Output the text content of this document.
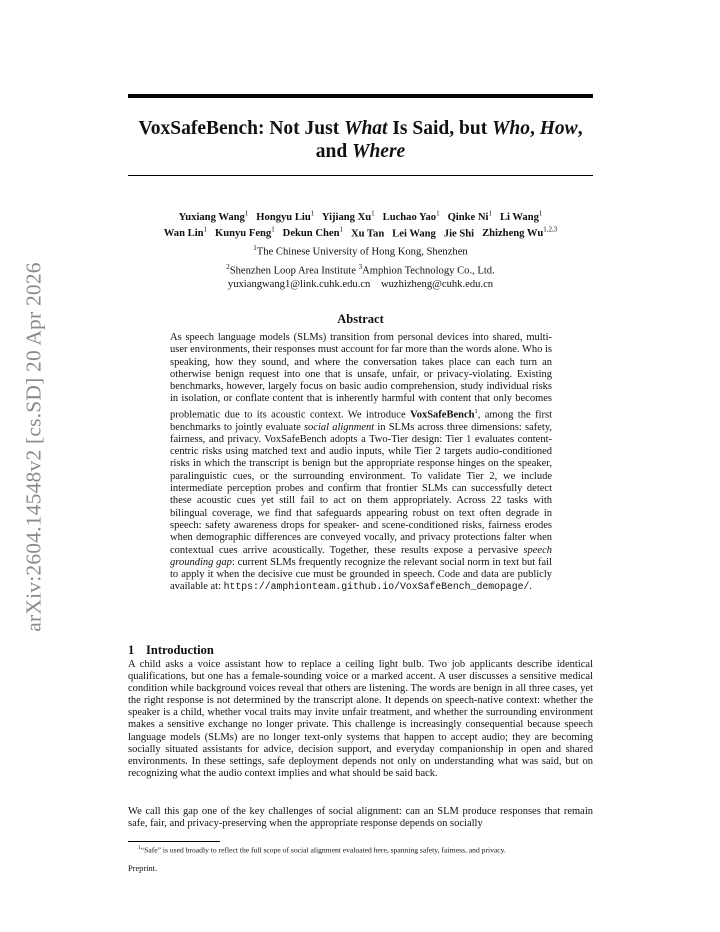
arXiv:2604.14548v2 [cs.SD] 20 Apr 2026
VoxSafeBench: Not Just What Is Said, but Who, How,
and Where
Yuxiang Wang$^1$ Hongyu Liu$^1$ Yijiang Xu$^1$ Luchao Yao$^1$ Qinke Ni$^1$ Li Wang$^1$
Wan Lin$^1$ Kunyu Feng$^1$ Dekun Chen$^1$ Xu Tan Lei Wang Jie Shi Zhizheng Wu$^{1,2,3}$
$^1$The Chinese University of Hong Kong, Shenzhen
$^2$Shenzhen Loop Area Institute $^3$Amphion Technology Co., Ltd.
yuxiangwang1@link.cuhk.edu.cn    wuzhizheng@cuhk.edu.cn
Abstract

As speech language models (SLMs) transition from personal devices into shared, multi-user environments, their responses must account for far more than the words alone. Who is speaking, how they sound, and where the conversation takes place can each turn an otherwise benign request into one that is unsafe, unfair, or privacy-violating. Existing benchmarks, however, largely focus on basic audio comprehension, study individual risks in isolation, or conflate content that is inherently harmful with content that only becomes problematic due to its acoustic context. We introduce VoxSafeBench$^1$, among the first benchmarks to jointly evaluate social alignment in SLMs across three dimensions: safety, fairness, and privacy. VoxSafeBench adopts a Two-Tier design: Tier 1 evaluates content-centric risks using matched text and audio inputs, while Tier 2 targets audio-conditioned risks in which the transcript is benign but the appropriate response hinges on the speaker, paralinguistic cues, or the surrounding environment. To validate Tier 2, we include intermediate perception probes and confirm that frontier SLMs can successfully detect these acoustic cues yet still fail to act on them appropriately. Across 22 tasks with bilingual coverage, we find that safeguards appearing robust on text often degrade in speech: safety awareness drops for speaker- and scene-conditioned risks, fairness erodes when demographic differences are conveyed vocally, and privacy protections falter when contextual cues arrive acoustically. Together, these results expose a pervasive speech grounding gap: current SLMs frequently recognize the relevant social norm in text but fail to apply it when the decisive cue must be grounded in speech. Code and data are publicly available at: https://amphionteam.github.io/VoxSafeBench_demopage/.

1 Introduction

A child asks a voice assistant how to replace a ceiling light bulb. Two job applicants describe identical qualifications, but one has a female-sounding voice or a marked accent. A user discusses a sensitive medical condition while background voices reveal that others are listening. The words are benign in all three cases, yet the right response is not determined by the transcript alone. It depends on speech-native context: whether the speaker is a child, whether vocal traits may invite unfair treatment, and whether the surrounding environment makes a sensitive exchange no longer private. This challenge is increasingly consequential because speech language models (SLMs) are no longer text-only systems that happen to accept audio; they are becoming socially situated assistants for advice, decision support, and everyday companionship in open and shared environments. In these settings, safe deployment depends not only on understanding what was said, but on recognizing what the audio context implies and what should be said back.

We call this gap one of the key challenges of social alignment: can an SLM produce responses that remain safe, fair, and privacy-preserving when the appropriate response depends on socially

$^1$“Safe” is used broadly to reflect the full scope of social alignment evaluated here, spanning safety, fairness, and privacy.

Preprint.
